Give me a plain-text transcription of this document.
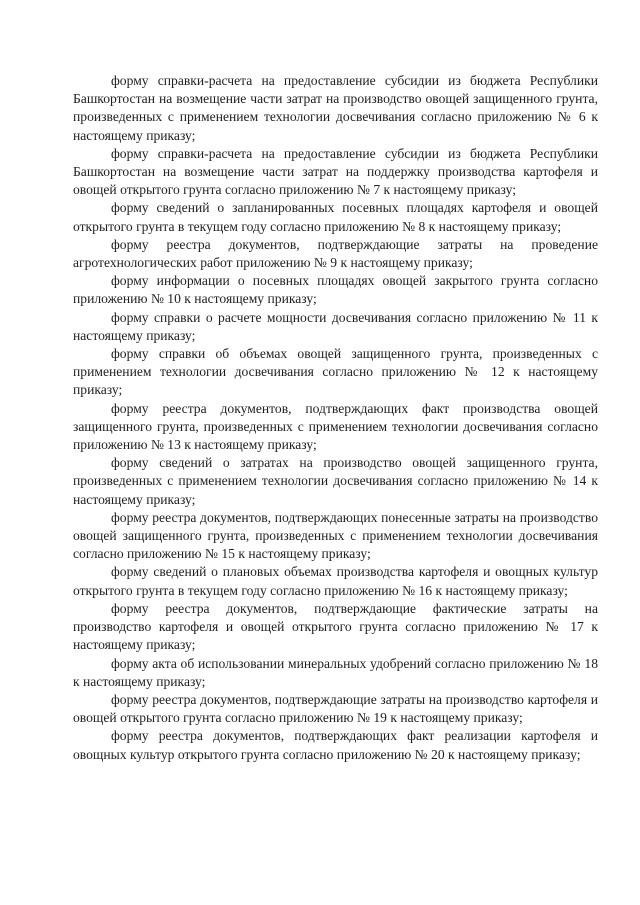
форму справки-расчета на предоставление субсидии из бюджета Республики Башкортостан на возмещение части затрат на производство овощей защищенного грунта, произведенных с применением технологии досвечивания согласно приложению № 6 к настоящему приказу;

форму справки-расчета на предоставление субсидии из бюджета Республики Башкортостан на возмещение части затрат на поддержку производства картофеля и овощей открытого грунта согласно приложению № 7 к настоящему приказу;

форму сведений о запланированных посевных площадях картофеля и овощей открытого грунта в текущем году согласно приложению № 8 к настоящему приказу;

форму реестра документов, подтверждающие затраты на проведение агротехнологических работ приложению № 9 к настоящему приказу;

форму информации о посевных площадях овощей закрытого грунта согласно приложению № 10 к настоящему приказу;

форму справки о расчете мощности досвечивания согласно приложению № 11 к настоящему приказу;

форму справки об объемах овощей защищенного грунта, произведенных с применением технологии досвечивания согласно приложению № 12 к настоящему приказу;

форму реестра документов, подтверждающих факт производства овощей защищенного грунта, произведенных с применением технологии досвечивания согласно приложению № 13 к настоящему приказу;

форму сведений о затратах на производство овощей защищенного грунта, произведенных с применением технологии досвечивания согласно приложению № 14 к настоящему приказу;

форму реестра документов, подтверждающих понесенные затраты на производство овощей защищенного грунта, произведенных с применением технологии досвечивания согласно приложению № 15 к настоящему приказу;

форму сведений о плановых объемах производства картофеля и овощных культур открытого грунта в текущем году согласно приложению № 16 к настоящему приказу;

форму реестра документов, подтверждающие фактические затраты на производство картофеля и овощей открытого грунта согласно приложению № 17 к настоящему приказу;

форму акта об использовании минеральных удобрений согласно приложению № 18 к настоящему приказу;

форму реестра документов, подтверждающие затраты на производство картофеля и овощей открытого грунта согласно приложению № 19 к настоящему приказу;

форму реестра документов, подтверждающих факт реализации картофеля и овощных культур открытого грунта согласно приложению № 20 к настоящему приказу;
